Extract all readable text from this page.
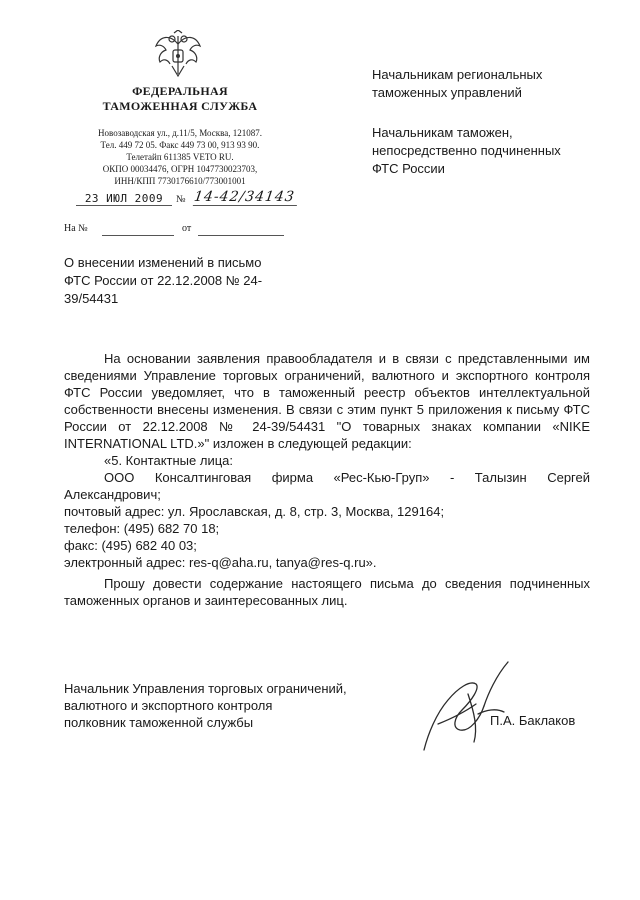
ФЕДЕРАЛЬНАЯ
ТАМОЖЕННАЯ СЛУЖБА
Новозаводская ул., д.11/5, Москва, 121087.
Тел. 449 72 05. Факс 449 73 00, 913 93 90.
Телетайп 611385 VETO RU.
ОКПО 00034476, ОГРН 1047730023703,
ИНН/КПП 7730176610/773001001
23 ИЮЛ 2009	№ 14-42/34143
На №	от
Начальникам региональных
таможенных управлений
Начальникам таможен,
непосредственно подчиненных
ФТС России
О внесении изменений в письмо
ФТС России от 22.12.2008 № 24-
39/54431

На основании заявления правообладателя и в связи с представленными им сведениями Управление торговых ограничений, валютного и экспортного контроля ФТС России уведомляет, что в таможенный реестр объектов интеллектуальной собственности внесены изменения. В связи с этим пункт 5 приложения к письму ФТС России от 22.12.2008 № 24-39/54431 "О товарных знаках компании «NIKE INTERNATIONAL LTD.»" изложен в следующей редакции:

«5. Контактные лица:

ООО Консалтинговая фирма «Рес-Кью-Груп» - Талызин Сергей

Александрович;

почтовый адрес: ул. Ярославская, д. 8, стр. 3, Москва, 129164;

телефон: (495) 682 70 18;

факс: (495) 682 40 03;

электронный адрес: res-q@aha.ru, tanya@res-q.ru».

Прошу довести содержание настоящего письма до сведения подчиненных таможенных органов и заинтересованных лиц.

Начальник Управления торговых ограничений,
валютного и экспортного контроля
полковник таможенной службы	П.А. Баклаков
